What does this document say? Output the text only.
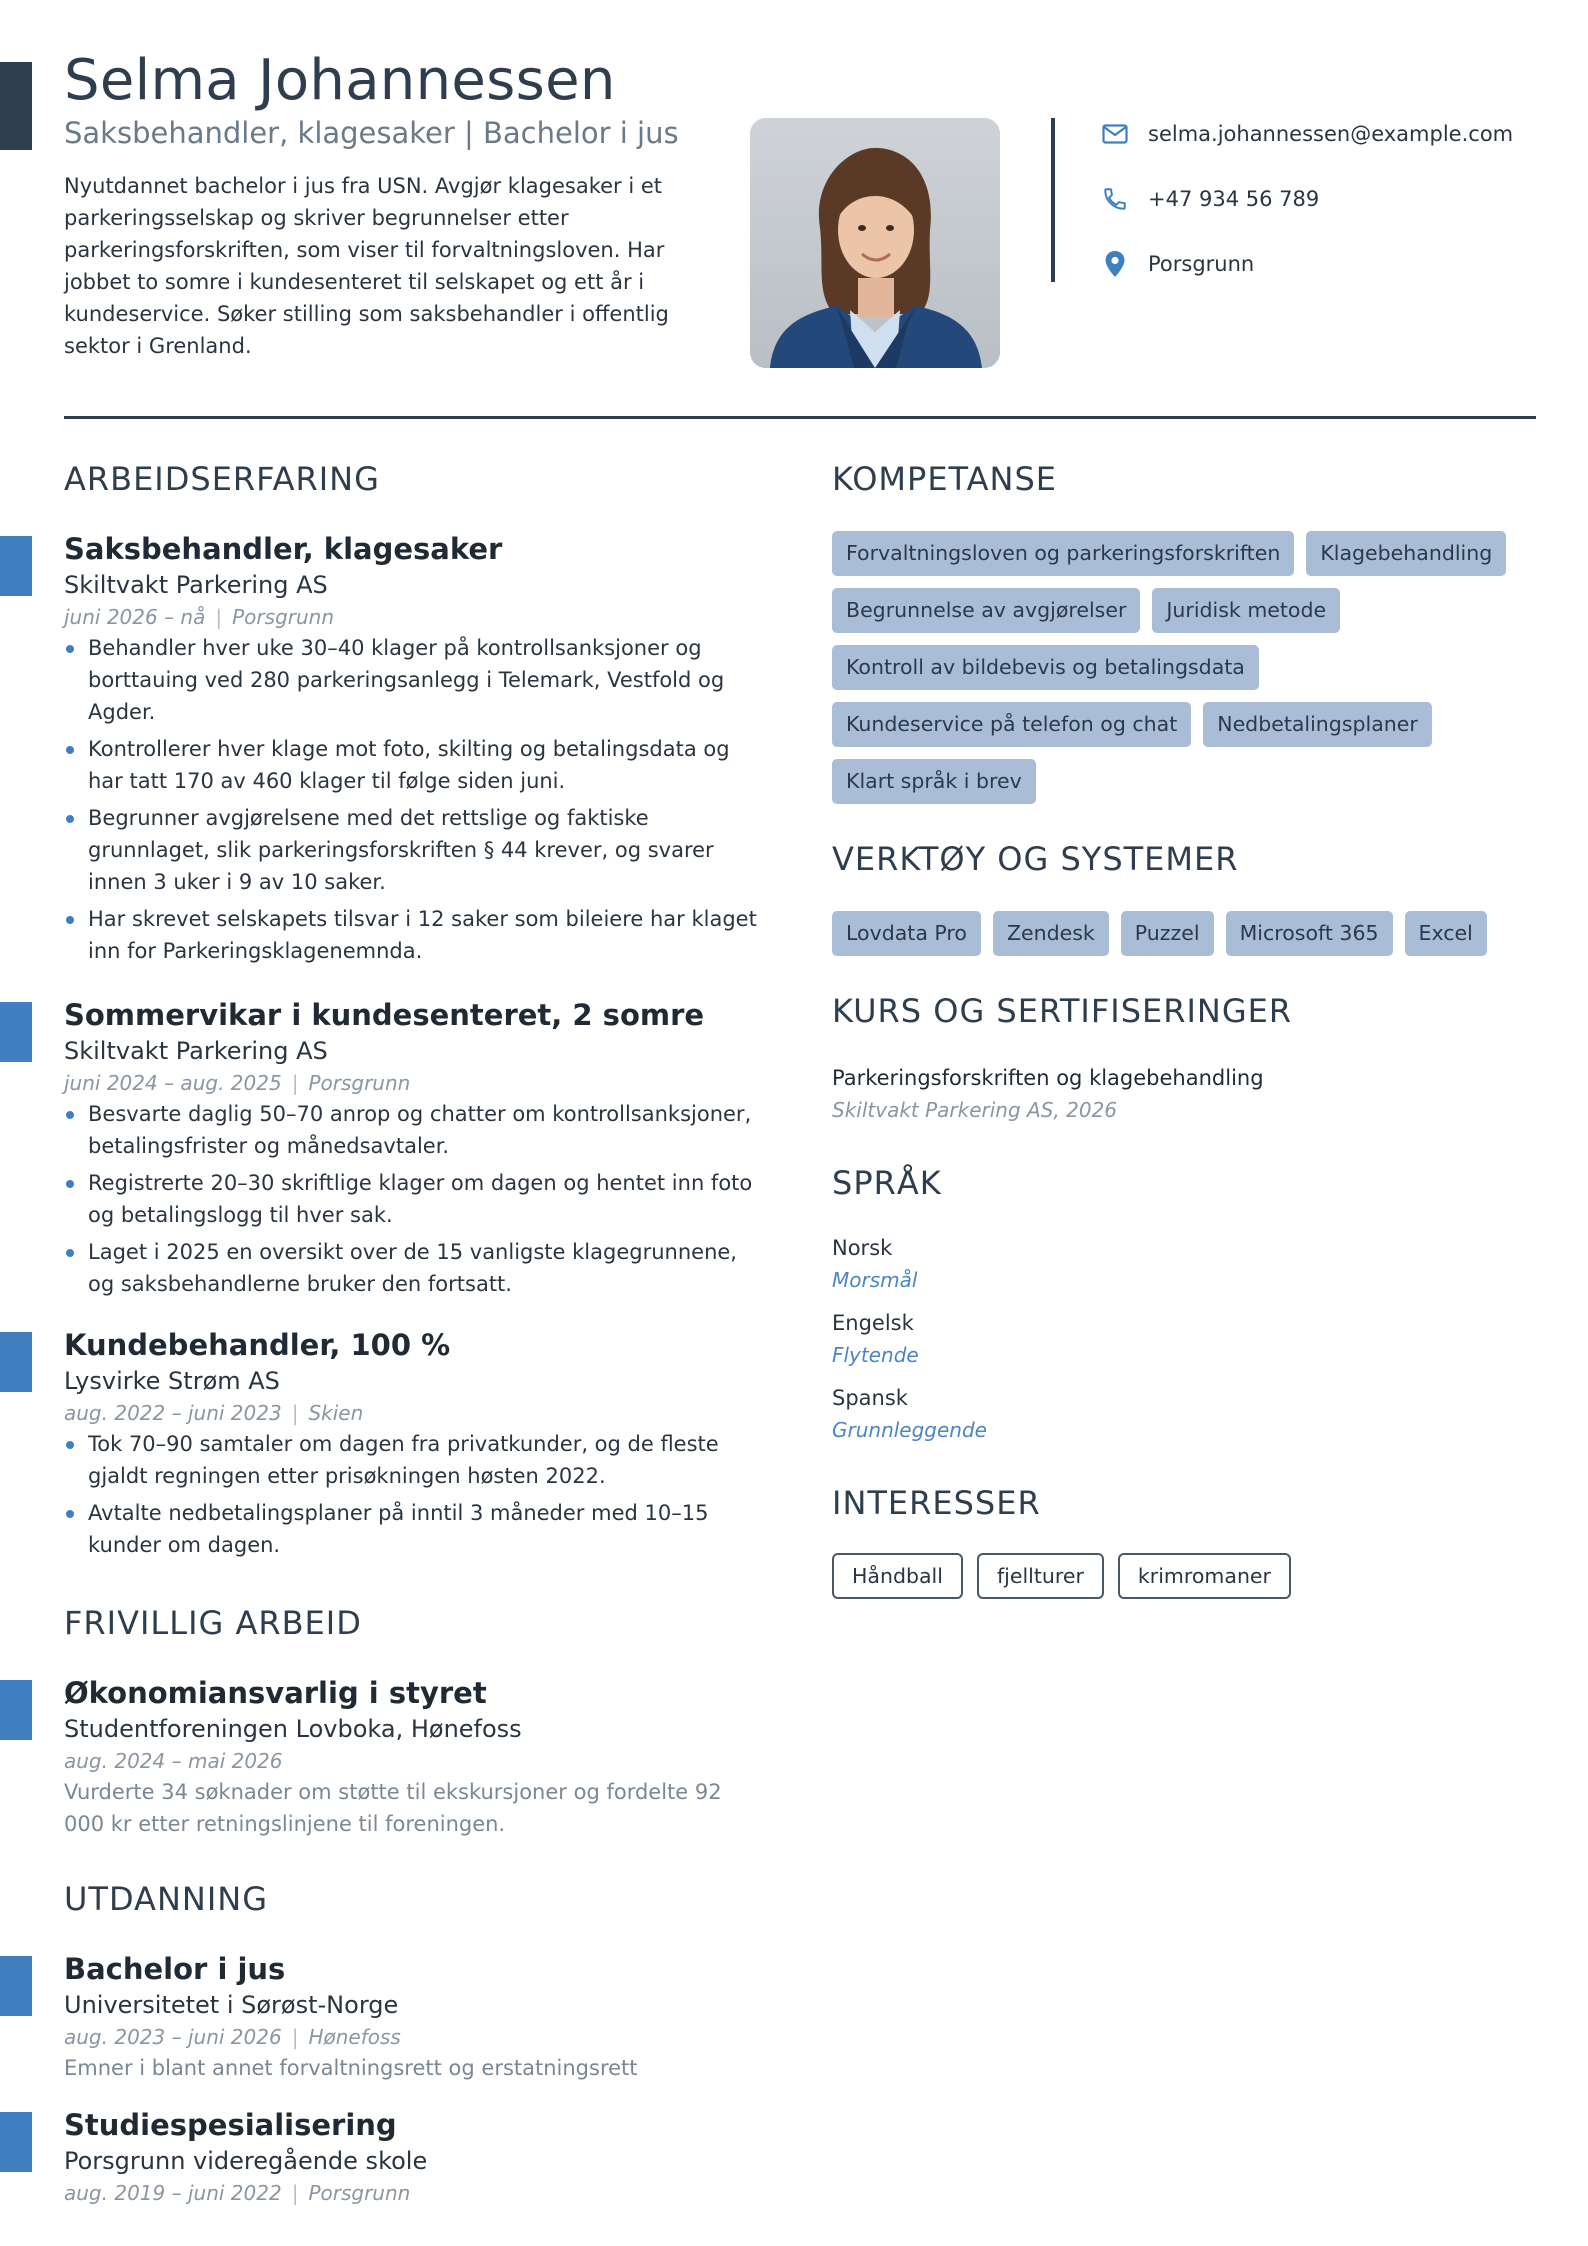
Selma Johannessen
Saksbehandler, klagesaker | Bachelor i jus

Nyutdannet bachelor i jus fra USN. Avgjør klagesaker i et parkeringsselskap og skriver begrunnelser etter parkeringsforskriften, som viser til forvaltningsloven. Har jobbet to somre i kundesenteret til selskapet og ett år i kundeservice. Søker stilling som saksbehandler i offentlig sektor i Grenland.

selma.johannessen@example.com
+47 934 56 789
Porsgrunn
ARBEIDSERFARING
Saksbehandler, klagesaker
Skiltvakt Parkering AS
juni 2026 – nå | Porsgrunn
Behandler hver uke 30–40 klager på kontrollsanksjoner og borttauing ved 280 parkeringsanlegg i Telemark, Vestfold og Agder.
Kontrollerer hver klage mot foto, skilting og betalingsdata og har tatt 170 av 460 klager til følge siden juni.
Begrunner avgjørelsene med det rettslige og faktiske grunnlaget, slik parkeringsforskriften § 44 krever, og svarer innen 3 uker i 9 av 10 saker.
Har skrevet selskapets tilsvar i 12 saker som bileiere har klaget inn for Parkeringsklagenemnda.
Sommervikar i kundesenteret, 2 somre
Skiltvakt Parkering AS
juni 2024 – aug. 2025 | Porsgrunn
Besvarte daglig 50–70 anrop og chatter om kontrollsanksjoner, betalingsfrister og månedsavtaler.
Registrerte 20–30 skriftlige klager om dagen og hentet inn foto og betalingslogg til hver sak.
Laget i 2025 en oversikt over de 15 vanligste klagegrunnene, og saksbehandlerne bruker den fortsatt.
Kundebehandler, 100 %
Lysvirke Strøm AS
aug. 2022 – juni 2023 | Skien
Tok 70–90 samtaler om dagen fra privatkunder, og de fleste gjaldt regningen etter prisøkningen høsten 2022.
Avtalte nedbetalingsplaner på inntil 3 måneder med 10–15 kunder om dagen.
FRIVILLIG ARBEID
Økonomiansvarlig i styret
Studentforeningen Lovboka, Hønefoss
aug. 2024 – mai 2026

Vurderte 34 søknader om støtte til ekskursjoner og fordelte 92 000 kr etter retningslinjene til foreningen.

UTDANNING
Bachelor i jus
Universitetet i Sørøst-Norge
aug. 2023 – juni 2026 | Hønefoss

Emner i blant annet forvaltningsrett og erstatningsrett

Studiespesialisering
Porsgrunn videregående skole
aug. 2019 – juni 2022 | Porsgrunn
KOMPETANSE
Forvaltningsloven og parkeringsforskriften	Klagebehandling
Begrunnelse av avgjørelser	Juridisk metode
Kontroll av bildebevis og betalingsdata
Kundeservice på telefon og chat	Nedbetalingsplaner
Klart språk i brev
VERKTØY OG SYSTEMER
Lovdata Pro	Zendesk	Puzzel	Microsoft 365	Excel
KURS OG SERTIFISERINGER
Parkeringsforskriften og klagebehandling
Skiltvakt Parkering AS, 2026
SPRÅK
Norsk
Morsmål
Engelsk
Flytende
Spansk
Grunnleggende
INTERESSER
Håndball	fjellturer	krimromaner
